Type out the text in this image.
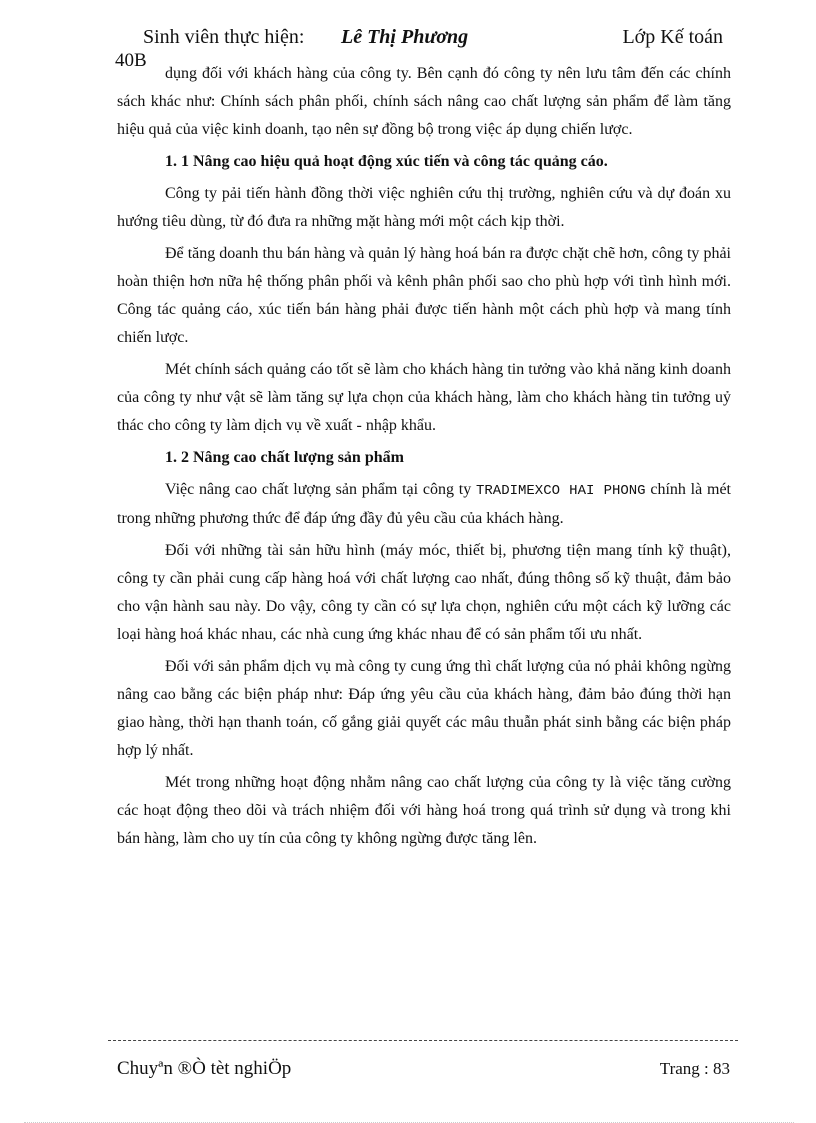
Sinh viên thực hiện: Lê Thị Phương	Lớp Kế toán
40B

dụng đối với khách hàng của công ty. Bên cạnh đó công ty nên lưu tâm đến các chính sách khác như: Chính sách phân phối, chính sách nâng cao chất lượng sản phẩm để làm tăng hiệu quả của việc kinh doanh, tạo nên sự đồng bộ trong việc áp dụng chiến lược.

1. 1 Nâng cao hiệu quả hoạt động xúc tiến và công tác quảng cáo.

Công ty pải tiến hành đồng thời việc nghiên cứu thị trường, nghiên cứu và dự đoán xu hướng tiêu dùng, từ đó đưa ra những mặt hàng mới một cách kịp thời.

Để tăng doanh thu bán hàng và quản lý hàng hoá bán ra được chặt chẽ hơn, công ty phải hoàn thiện hơn nữa hệ thống phân phối và kênh phân phối sao cho phù hợp với tình hình mới. Công tác quảng cáo, xúc tiến bán hàng phải được tiến hành một cách phù hợp và mang tính chiến lược.

Mét chính sách quảng cáo tốt sẽ làm cho khách hàng tin tưởng vào khả năng kinh doanh của công ty như vật sẽ làm tăng sự lựa chọn của khách hàng, làm cho khách hàng tin tưởng uỷ thác cho công ty làm dịch vụ về xuất - nhập khẩu.

1. 2 Nâng cao chất lượng sản phẩm

Việc nâng cao chất lượng sản phẩm tại công ty TRADIMEXCO HAI PHONG chính là mét trong những phương thức để đáp ứng đầy đủ yêu cầu của khách hàng.

Đối với những tài sản hữu hình (máy móc, thiết bị, phương tiện mang tính kỹ thuật), công ty cần phải cung cấp hàng hoá với chất lượng cao nhất, đúng thông số kỹ thuật, đảm bảo cho vận hành sau này. Do vậy, công ty cần có sự lựa chọn, nghiên cứu một cách kỹ lưỡng các loại hàng hoá khác nhau, các nhà cung ứng khác nhau để có sản phẩm tối ưu nhất.

Đối với sản phẩm dịch vụ mà công ty cung ứng thì chất lượng của nó phải không ngừng nâng cao bằng các biện pháp như: Đáp ứng yêu cầu của khách hàng, đảm bảo đúng thời hạn giao hàng, thời hạn thanh toán, cố gắng giải quyết các mâu thuẫn phát sinh bằng các biện pháp hợp lý nhất.

Mét trong những hoạt động nhằm nâng cao chất lượng của công ty là việc tăng cường các hoạt động theo dõi và trách nhiệm đối với hàng hoá trong quá trình sử dụng và trong khi bán hàng, làm cho uy tín của công ty không ngừng được tăng lên.

Chuyªn ®Ò tèt nghiÖp	Trang : 83
